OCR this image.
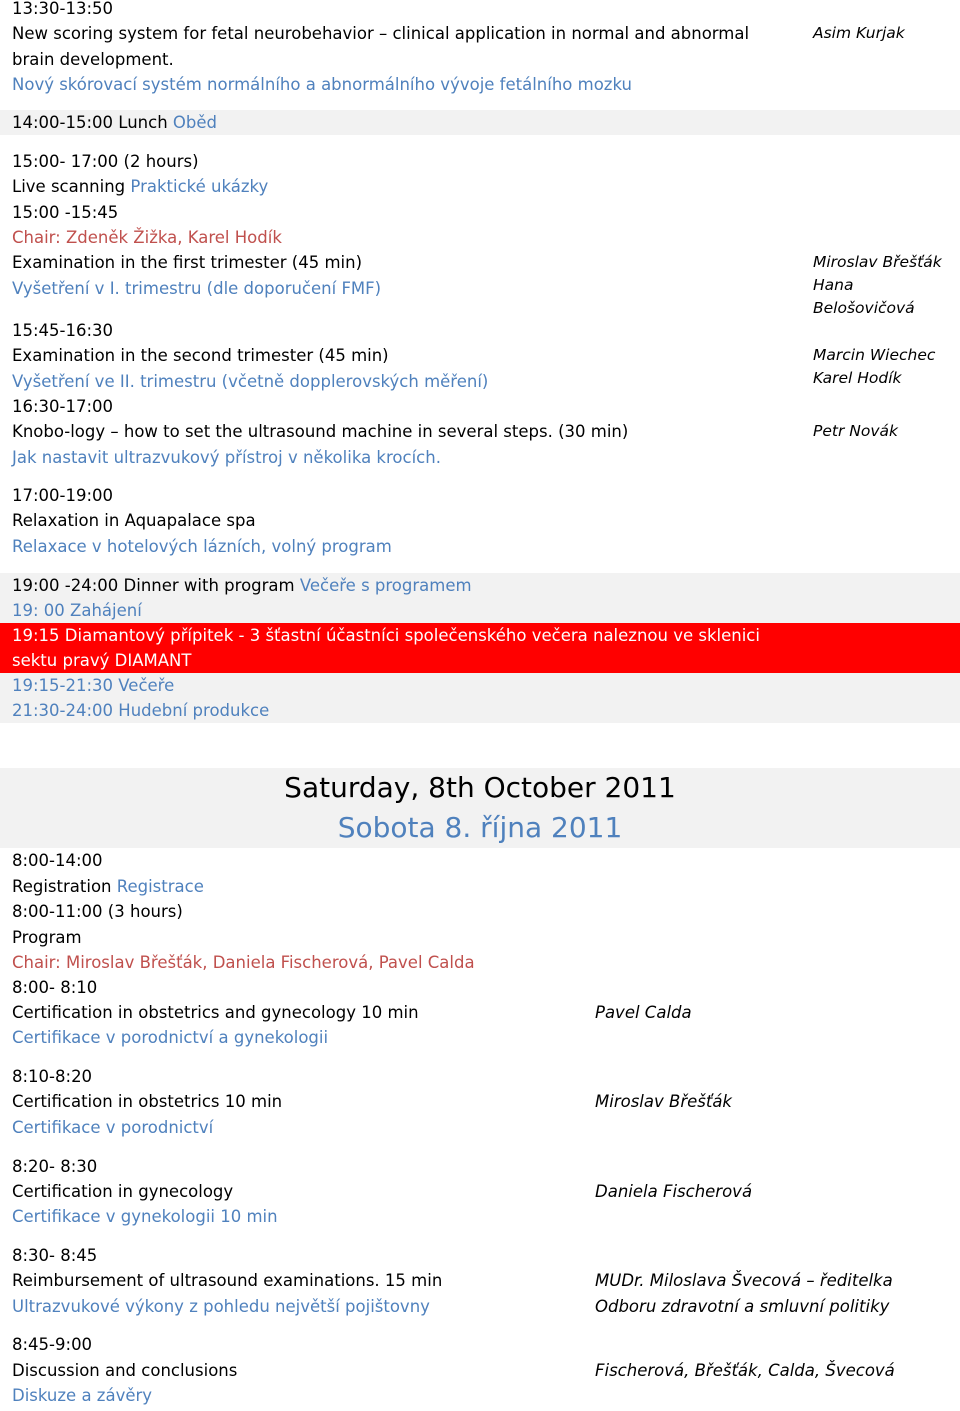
13:30-13:50
New scoring system for fetal neurobehavior – clinical application in normal and abnormal	Asim Kurjak
brain development.
Nový skórovací systém normálního a abnormálního vývoje fetálního mozku
14:00-15:00 Lunch Oběd
15:00- 17:00 (2 hours)
Live scanning Praktické ukázky
15:00 -15:45
Chair: Zdeněk Žižka, Karel Hodík
Examination in the first trimester (45 min)
Vyšetření v I. trimestru (dle doporučení FMF)
Miroslav Břešťák
Hana
Belošovičová
15:45-16:30
Examination in the second trimester (45 min)
Vyšetření ve II. trimestru (včetně dopplerovských měření)
Marcin Wiechec
Karel Hodík
16:30-17:00
Knobo-logy – how to set the ultrasound machine in several steps. (30 min)
Jak nastavit ultrazvukový přístroj v několika krocích.
Petr Novák
17:00-19:00
Relaxation in Aquapalace spa
Relaxace v hotelových lázních, volný program
19:00 -24:00 Dinner with program Večeře s programem
19: 00 Zahájení
19:15 Diamantový přípitek - 3 šťastní účastníci společenského večera naleznou ve sklenici
sektu pravý DIAMANT
19:15-21:30 Večeře
21:30-24:00 Hudební produkce
Saturday, 8th October 2011
Sobota 8. října 2011
8:00-14:00
Registration Registrace
8:00-11:00 (3 hours)
Program
Chair: Miroslav Břešťák, Daniela Fischerová, Pavel Calda
8:00- 8:10
Certification in obstetrics and gynecology 10 min
Certifikace v porodnictví a gynekologii
Pavel Calda
8:10-8:20
Certification in obstetrics 10 min
Certifikace v porodnictví
Miroslav Břešťák
8:20- 8:30
Certification in gynecology
Certifikace v gynekologii 10 min
Daniela Fischerová
8:30- 8:45
Reimbursement of ultrasound examinations. 15 min
Ultrazvukové výkony z pohledu největší pojištovny
MUDr. Miloslava Švecová – ředitelka
Odboru zdravotní a smluvní politiky
8:45-9:00
Discussion and conclusions
Diskuze a závěry
Fischerová, Břešťák, Calda, Švecová
